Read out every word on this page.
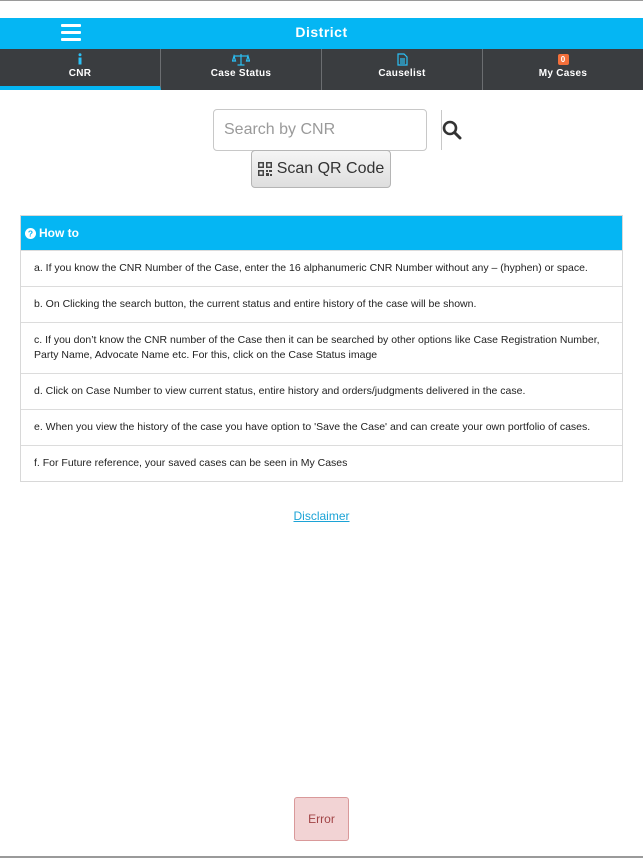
District
CNR	Case Status	Causelist
0
My Cases
Search by CNR
Scan QR Code
? How to
a. If you know the CNR Number of the Case, enter the 16 alphanumeric CNR Number without any – (hyphen) or space.
b. On Clicking the search button, the current status and entire history of the case will be shown.
c. If you don’t know the CNR number of the Case then it can be searched by other options like Case Registration Number, Party Name, Advocate Name etc. For this, click on the Case Status image
d. Click on Case Number to view current status, entire history and orders/judgments delivered in the case.
e. When you view the history of the case you have option to 'Save the Case' and can create your own portfolio of cases.
f. For Future reference, your saved cases can be seen in My Cases
Disclaimer
Error
